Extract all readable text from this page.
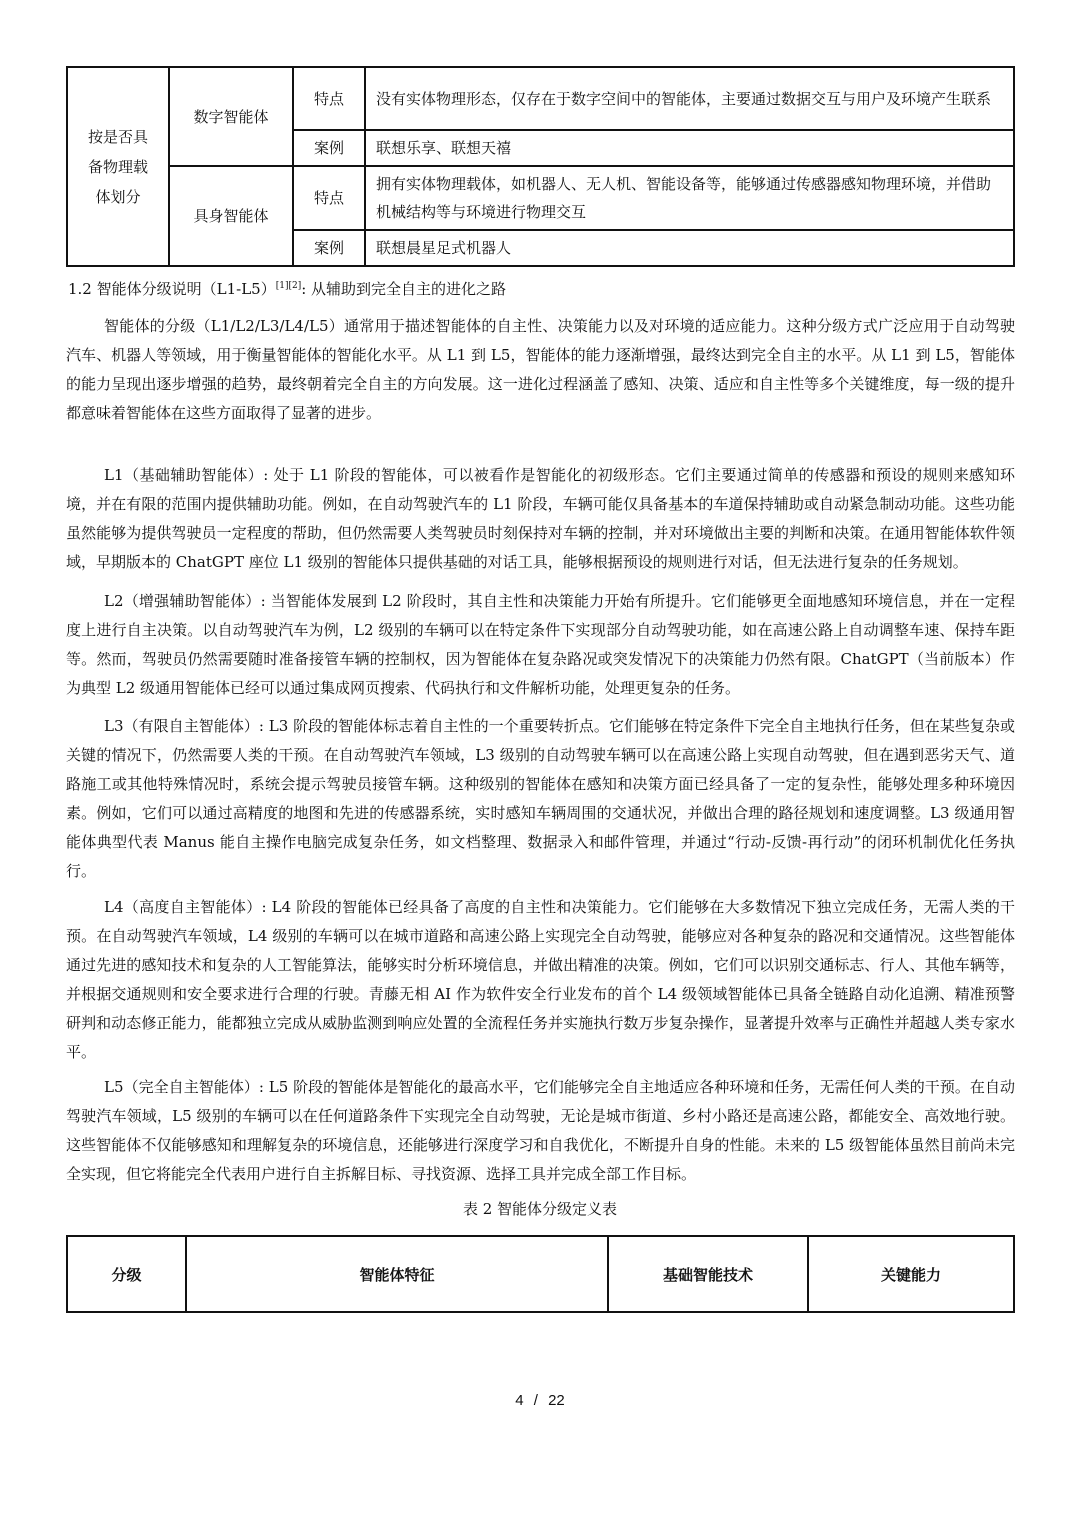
按是否具备物理载体划分	数字智能体	特点	没有实体物理形态，仅存在于数字空间中的智能体，主要通过数据交互与用户及环境产生联系
		案例	联想乐享、联想天禧
	具身智能体	特点	拥有实体物理载体，如机器人、无人机、智能设备等，能够通过传感器感知物理环境，并借助机械结构等与环境进行物理交互
		案例	联想晨星足式机器人
1.2 智能体分级说明（L1-L5）[1][2]: 从辅助到完全自主的进化之路

智能体的分级（L1/L2/L3/L4/L5）通常用于描述智能体的自主性、决策能力以及对环境的适应能力。这种分级方式广泛应用于自动驾驶汽车、机器人等领域，用于衡量智能体的智能化水平。从 L1 到 L5，智能体的能力逐渐增强，最终达到完全自主的水平。从 L1 到 L5，智能体的能力呈现出逐步增强的趋势，最终朝着完全自主的方向发展。这一进化过程涵盖了感知、决策、适应和自主性等多个关键维度，每一级的提升都意味着智能体在这些方面取得了显著的进步。

L1（基础辅助智能体）: 处于 L1 阶段的智能体，可以被看作是智能化的初级形态。它们主要通过简单的传感器和预设的规则来感知环境，并在有限的范围内提供辅助功能。例如，在自动驾驶汽车的 L1 阶段，车辆可能仅具备基本的车道保持辅助或自动紧急制动功能。这些功能虽然能够为提供驾驶员一定程度的帮助，但仍然需要人类驾驶员时刻保持对车辆的控制，并对环境做出主要的判断和决策。在通用智能体软件领域，早期版本的 ChatGPT 座位 L1 级别的智能体只提供基础的对话工具，能够根据预设的规则进行对话，但无法进行复杂的任务规划。

L2（增强辅助智能体）: 当智能体发展到 L2 阶段时，其自主性和决策能力开始有所提升。它们能够更全面地感知环境信息，并在一定程度上进行自主决策。以自动驾驶汽车为例，L2 级别的车辆可以在特定条件下实现部分自动驾驶功能，如在高速公路上自动调整车速、保持车距等。然而，驾驶员仍然需要随时准备接管车辆的控制权，因为智能体在复杂路况或突发情况下的决策能力仍然有限。ChatGPT（当前版本）作为典型 L2 级通用智能体已经可以通过集成网页搜索、代码执行和文件解析功能，处理更复杂的任务。

L3（有限自主智能体）: L3 阶段的智能体标志着自主性的一个重要转折点。它们能够在特定条件下完全自主地执行任务，但在某些复杂或关键的情况下，仍然需要人类的干预。在自动驾驶汽车领域，L3 级别的自动驾驶车辆可以在高速公路上实现自动驾驶，但在遇到恶劣天气、道路施工或其他特殊情况时，系统会提示驾驶员接管车辆。这种级别的智能体在感知和决策方面已经具备了一定的复杂性，能够处理多种环境因素。例如，它们可以通过高精度的地图和先进的传感器系统，实时感知车辆周围的交通状况，并做出合理的路径规划和速度调整。L3 级通用智能体典型代表 Manus 能自主操作电脑完成复杂任务，如文档整理、数据录入和邮件管理，并通过“行动-反馈-再行动”的闭环机制优化任务执行。

L4（高度自主智能体）: L4 阶段的智能体已经具备了高度的自主性和决策能力。它们能够在大多数情况下独立完成任务，无需人类的干预。在自动驾驶汽车领域，L4 级别的车辆可以在城市道路和高速公路上实现完全自动驾驶，能够应对各种复杂的路况和交通情况。这些智能体通过先进的感知技术和复杂的人工智能算法，能够实时分析环境信息，并做出精准的决策。例如，它们可以识别交通标志、行人、其他车辆等，并根据交通规则和安全要求进行合理的行驶。青藤无相 AI 作为软件安全行业发布的首个 L4 级领域智能体已具备全链路自动化追溯、精准预警研判和动态修正能力，能都独立完成从威胁监测到响应处置的全流程任务并实施执行数万步复杂操作，显著提升效率与正确性并超越人类专家水平。

L5（完全自主智能体）: L5 阶段的智能体是智能化的最高水平，它们能够完全自主地适应各种环境和任务，无需任何人类的干预。在自动驾驶汽车领域，L5 级别的车辆可以在任何道路条件下实现完全自动驾驶，无论是城市街道、乡村小路还是高速公路，都能安全、高效地行驶。这些智能体不仅能够感知和理解复杂的环境信息，还能够进行深度学习和自我优化，不断提升自身的性能。未来的 L5 级智能体虽然目前尚未完全实现，但它将能完全代表用户进行自主拆解目标、寻找资源、选择工具并完成全部工作目标。

表 2 智能体分级定义表
分级	智能体特征	基础智能技术	关键能力
4 / 22
